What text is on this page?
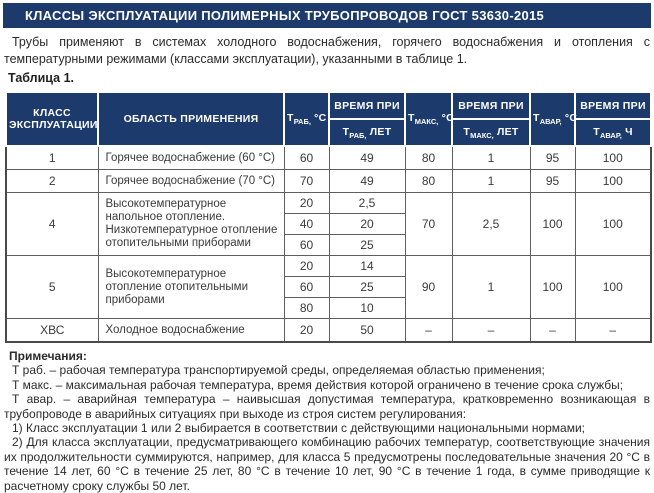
КЛАССЫ ЭКСПЛУАТАЦИИ ПОЛИМЕРНЫХ ТРУБОПРОВОДОВ ГОСТ 53630-2015

Трубы применяют в системах холодного водоснабжения, горячего водоснабжения и отопления с температурными режимами (классами эксплуатации), указанными в таблице 1.

Таблица 1.
КЛАСС ЭКСПЛУАТАЦИИ	ОБЛАСТЬ ПРИМЕНЕНИЯ	$Т_{РАБ,}$ °С	ВРЕМЯ ПРИ	$Т_{МАКС,}$ °С	ВРЕМЯ ПРИ	$Т_{АВАР,}$ °С	ВРЕМЯ ПРИ
			$Т_{РАБ,}$ ЛЕТ		$Т_{МАКС,}$ ЛЕТ		$Т_{АВАР,}$ Ч
1	Горячее водоснабжение (60 °С)	60	49	80	1	95	100
2	Горячее водоснабжение (70 °С)	70	49	80	1	95	100
4	Высокотемпературное напольное отопление. Низкотемпературное отопление отопительными приборами	20	2,5	70	2,5	100	100
		40	20				
		60	25				
5	Высокотемпературное отопление отопительными приборами	20	14	90	1	100	100
		60	25				
		80	10				
ХВС	Холодное водоснабжение	20	50	–	–	–	–

Примечания:

Т раб. – рабочая температура транспортируемой среды, определяемая областью применения;

Т макс. – максимальная рабочая температура, время действия которой ограничено в течение срока службы;

Т авар. – аварийная температура – наивысшая допустимая температура, кратковременно возникающая в трубопроводе в аварийных ситуациях при выходе из строя систем регулирования:

1) Класс эксплуатации 1 или 2 выбирается в соответствии с действующими национальными нормами;

2) Для класса эксплуатации, предусматривающего комбинацию рабочих температур, соответствующие значения их продолжительности суммируются, например, для класса 5 предусмотрены последовательные значения 20 °С в течение 14 лет, 60 °С в течение 25 лет, 80 °С в течение 10 лет, 90 °С в течение 1 года, в сумме приводящие к расчетному сроку службы 50 лет.
